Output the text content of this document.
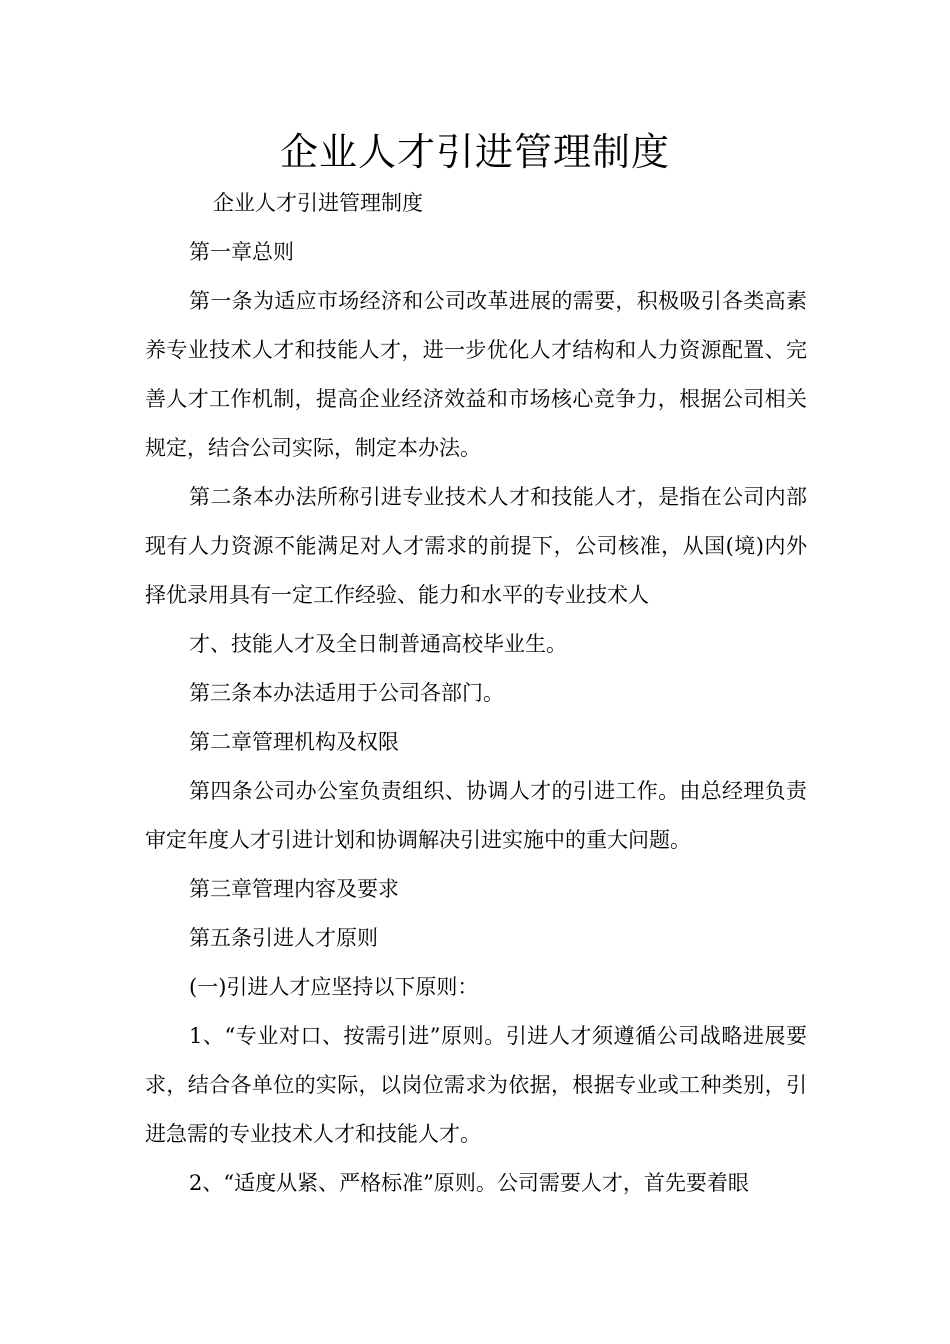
企业人才引进管理制度

企业人才引进管理制度

第一章总则

第一条为适应市场经济和公司改革进展的需要，积极吸引各类高素养专业技术人才和技能人才，进一步优化人才结构和人力资源配置、完善人才工作机制，提高企业经济效益和市场核心竞争力，根据公司相关规定，结合公司实际，制定本办法。

第二条本办法所称引进专业技术人才和技能人才，是指在公司内部现有人力资源不能满足对人才需求的前提下，公司核准，从国(境)内外择优录用具有一定工作经验、能力和水平的专业技术人

才、技能人才及全日制普通高校毕业生。

第三条本办法适用于公司各部门。

第二章管理机构及权限

第四条公司办公室负责组织、协调人才的引进工作。由总经理负责审定年度人才引进计划和协调解决引进实施中的重大问题。

第三章管理内容及要求

第五条引进人才原则

(一)引进人才应坚持以下原则：

1、“专业对口、按需引进”原则。引进人才须遵循公司战略进展要求，结合各单位的实际，以岗位需求为依据，根据专业或工种类别，引进急需的专业技术人才和技能人才。

2、“适度从紧、严格标准”原则。公司需要人才，首先要着眼
